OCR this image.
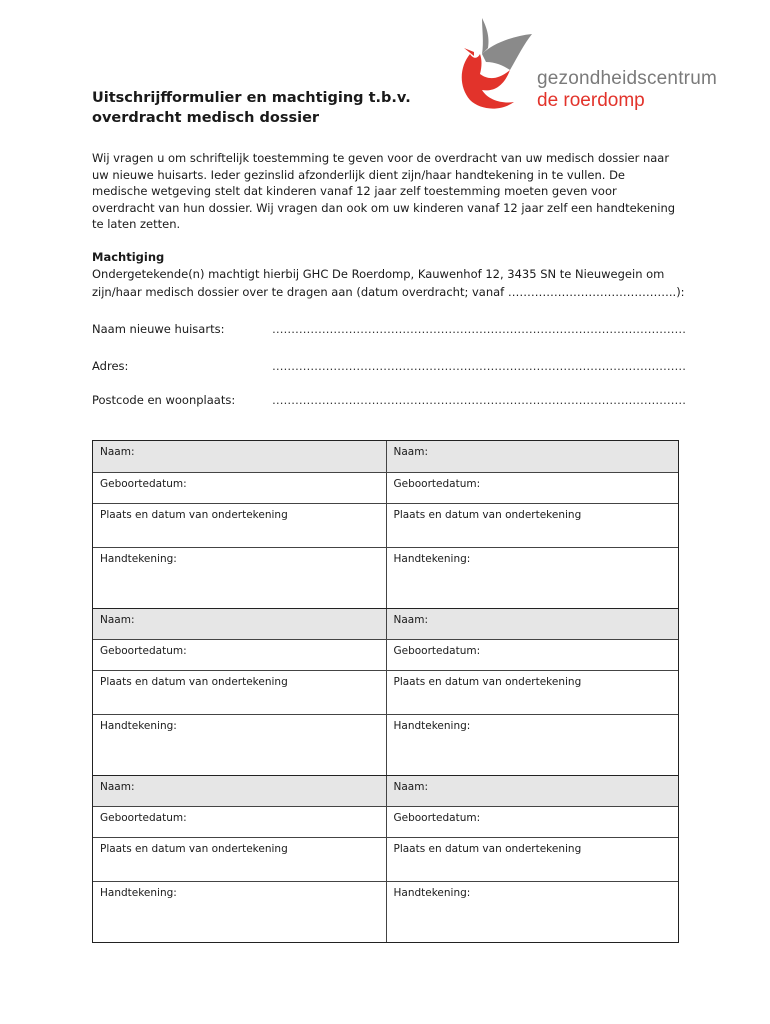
gezondheidscentrum
de roerdomp
Uitschrijfformulier en machtiging t.b.v.
overdracht medisch dossier
Wij vragen u om schriftelijk toestemming te geven voor de overdracht van uw medisch dossier naar
uw nieuwe huisarts. Ieder gezinslid afzonderlijk dient zijn/haar handtekening in te vullen. De
medische wetgeving stelt dat kinderen vanaf 12 jaar zelf toestemming moeten geven voor
overdracht van hun dossier. Wij vragen dan ook om uw kinderen vanaf 12 jaar zelf een handtekening
te laten zetten.
Machtiging
Ondergetekende(n) machtigt hierbij GHC De Roerdomp, Kauwenhof 12, 3435 SN te Nieuwegein om
zijn/haar medisch dossier over te dragen aan (datum overdracht; vanaf ……………………………………..):
Naam nieuwe huisarts:	………………………………………………………………………………………………
Adres:	………………………………………………………………………………………………
Postcode en woonplaats:	………………………………………………………………………………………………
Naam:	Naam:
Geboortedatum:	Geboortedatum:
Plaats en datum van ondertekening	Plaats en datum van ondertekening
Handtekening:	Handtekening:
Naam:	Naam:
Geboortedatum:	Geboortedatum:
Plaats en datum van ondertekening	Plaats en datum van ondertekening
Handtekening:	Handtekening:
Naam:	Naam:
Geboortedatum:	Geboortedatum:
Plaats en datum van ondertekening	Plaats en datum van ondertekening
Handtekening:	Handtekening:
